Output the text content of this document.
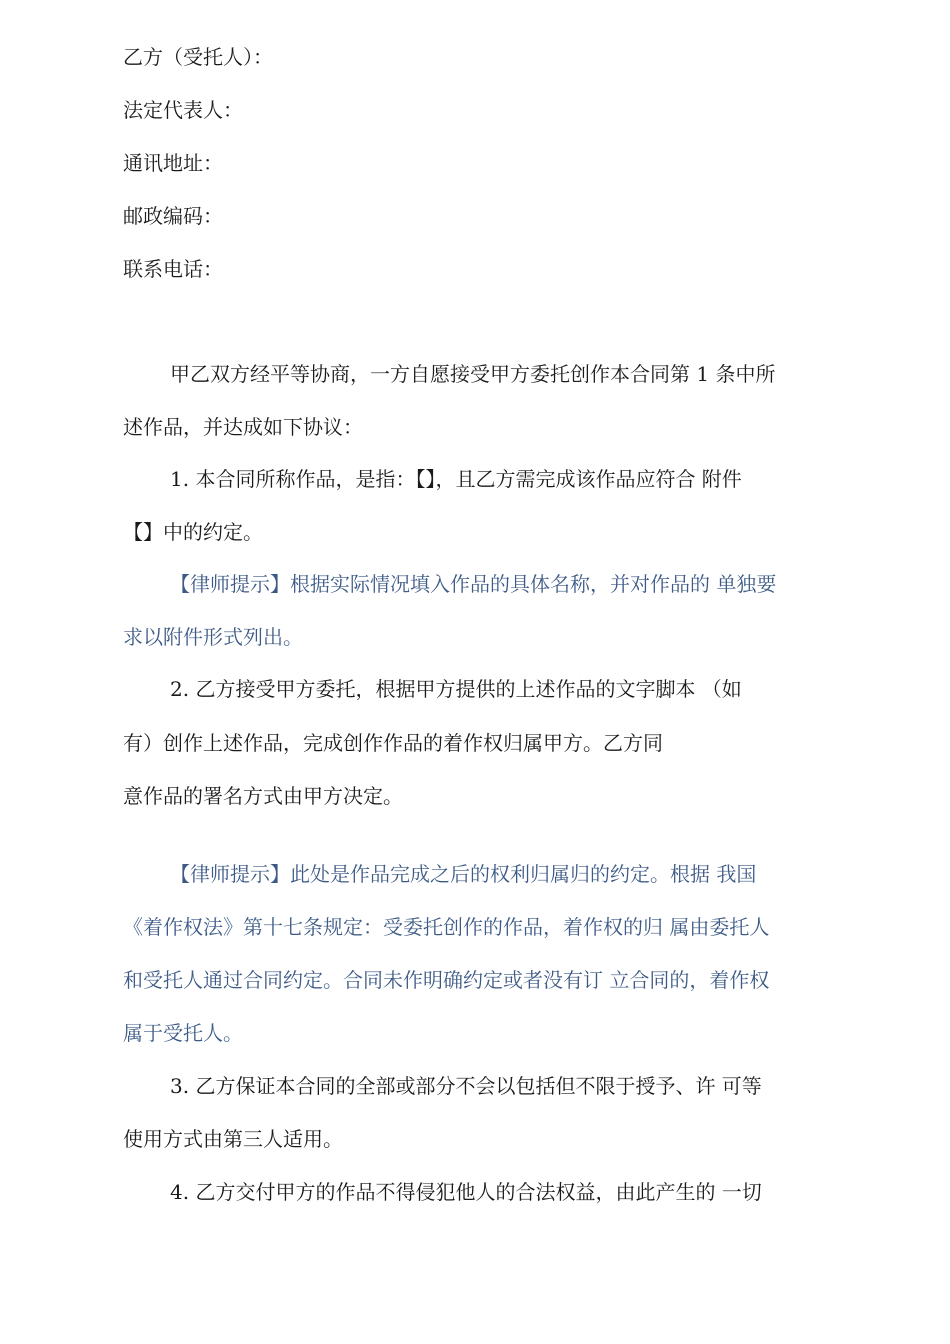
乙方（受托人）：
法定代表人：
通讯地址：
邮政编码：
联系电话：
甲乙双方经平等协商，一方自愿接受甲方委托创作本合同第 1 条中所
述作品，并达成如下协议：
1. 本合同所称作品，是指：【】，且乙方需完成该作品应符合 附件
【】中的约定。
【律师提示】根据实际情况填入作品的具体名称，并对作品的 单独要
求以附件形式列出。
2. 乙方接受甲方委托，根据甲方提供的上述作品的文字脚本 （如
有）创作上述作品，完成创作作品的着作权归属甲方。乙方同
意作品的署名方式由甲方决定。
【律师提示】此处是作品完成之后的权利归属归的约定。根据 我国
《着作权法》第十七条规定：受委托创作的作品，着作权的归 属由委托人
和受托人通过合同约定。合同未作明确约定或者没有订 立合同的，着作权
属于受托人。
3. 乙方保证本合同的全部或部分不会以包括但不限于授予、许 可等
使用方式由第三人适用。
4. 乙方交付甲方的作品不得侵犯他人的合法权益，由此产生的 一切
